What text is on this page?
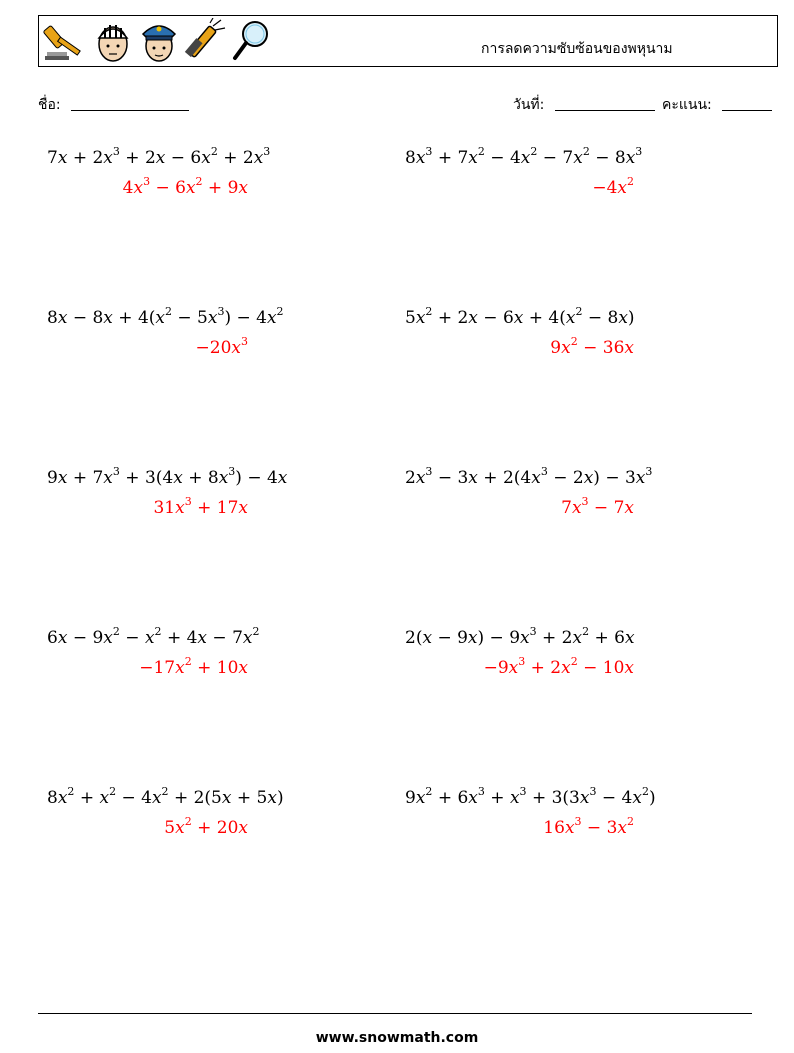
การลดความซับซ้อนของพหุนาม
ชื่อ:	วันที่:	คะแนน:
$7x + 2x^3 + 2x - 6x^2 + 2x^3$
$4x^3 - 6x^2 + 9x$
$8x^3 + 7x^2 - 4x^2 - 7x^2 - 8x^3$
$-4x^2$
$8x - 8x + 4(x^2 - 5x^3) - 4x^2$
$-20x^3$
$5x^2 + 2x - 6x + 4(x^2 - 8x)$
$9x^2 - 36x$
$9x + 7x^3 + 3(4x + 8x^3) - 4x$
$31x^3 + 17x$
$2x^3 - 3x + 2(4x^3 - 2x) - 3x^3$
$7x^3 - 7x$
$6x - 9x^2 - x^2 + 4x - 7x^2$
$-17x^2 + 10x$
$2(x - 9x) - 9x^3 + 2x^2 + 6x$
$-9x^3 + 2x^2 - 10x$
$8x^2 + x^2 - 4x^2 + 2(5x + 5x)$
$5x^2 + 20x$
$9x^2 + 6x^3 + x^3 + 3(3x^3 - 4x^2)$
$16x^3 - 3x^2$
www.snowmath.com
